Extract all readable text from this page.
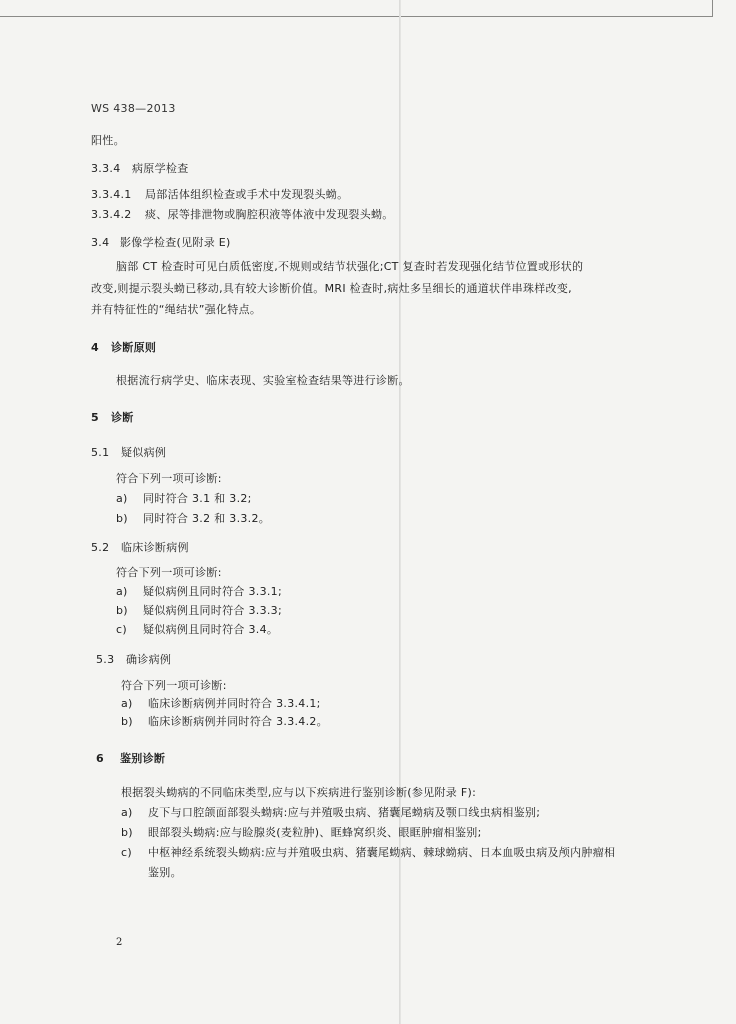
WS 438—2013
阳性。
3.3.4 病原学检查
3.3.4.1 局部活体组织检查或手术中发现裂头蚴。
3.3.4.2 痰、尿等排泄物或胸腔积液等体液中发现裂头蚴。
3.4 影像学检查(见附录 E)
脑部 CT 检查时可见白质低密度,不规则或结节状强化;CT 复查时若发现强化结节位置或形状的
改变,则提示裂头蚴已移动,具有较大诊断价值。MRI 检查时,病灶多呈细长的通道状伴串珠样改变,
并有特征性的“绳结状”强化特点。
4 诊断原则
根据流行病学史、临床表现、实验室检查结果等进行诊断。
5 诊断
5.1 疑似病例
符合下列一项可诊断:
a) 同时符合 3.1 和 3.2;
b) 同时符合 3.2 和 3.3.2。
5.2 临床诊断病例
符合下列一项可诊断:
a) 疑似病例且同时符合 3.3.1;
b) 疑似病例且同时符合 3.3.3;
c) 疑似病例且同时符合 3.4。
5.3 确诊病例
符合下列一项可诊断:
a) 临床诊断病例并同时符合 3.3.4.1;
b) 临床诊断病例并同时符合 3.3.4.2。
6 鉴别诊断
根据裂头蚴病的不同临床类型,应与以下疾病进行鉴别诊断(参见附录 F):
a) 皮下与口腔颌面部裂头蚴病:应与并殖吸虫病、猪囊尾蚴病及颚口线虫病相鉴别;
b) 眼部裂头蚴病:应与睑腺炎(麦粒肿)、眶蜂窝织炎、眼眶肿瘤相鉴别;
c) 中枢神经系统裂头蚴病:应与并殖吸虫病、猪囊尾蚴病、棘球蚴病、日本血吸虫病及颅内肿瘤相
鉴别。
2
